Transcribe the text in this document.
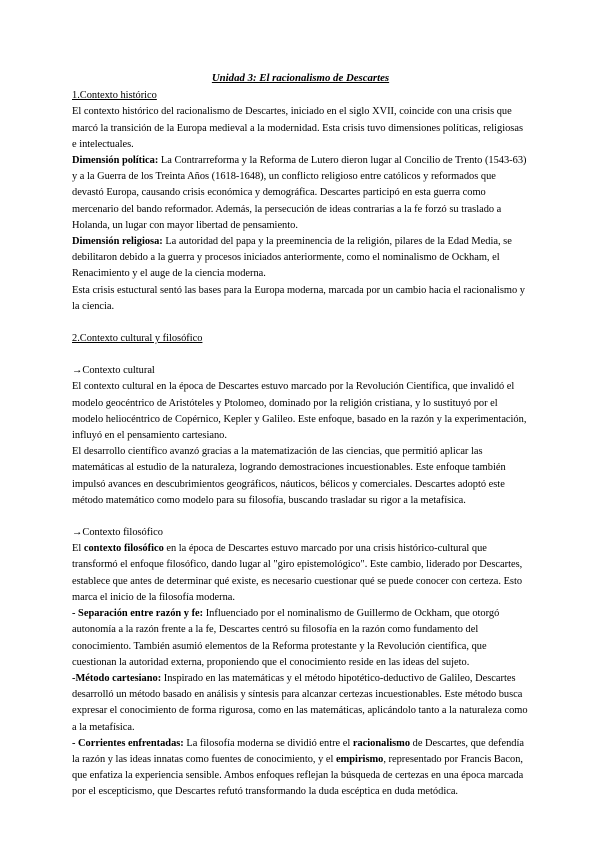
Unidad 3: El racionalismo de Descartes

1.Contexto histórico

El contexto histórico del racionalismo de Descartes, iniciado en el siglo XVII, coincide con una crisis que marcó la transición de la Europa medieval a la modernidad. Esta crisis tuvo dimensiones políticas, religiosas e intelectuales.

Dimensión política: La Contrarreforma y la Reforma de Lutero dieron lugar al Concilio de Trento (1543-63) y a la Guerra de los Treinta Años (1618-1648), un conflicto religioso entre católicos y reformados que devastó Europa, causando crisis económica y demográfica. Descartes participó en esta guerra como mercenario del bando reformador. Además, la persecución de ideas contrarias a la fe forzó su traslado a Holanda, un lugar con mayor libertad de pensamiento.

Dimensión religiosa: La autoridad del papa y la preeminencia de la religión, pilares de la Edad Media, se debilitaron debido a la guerra y procesos iniciados anteriormente, como el nominalismo de Ockham, el Renacimiento y el auge de la ciencia moderna.

Esta crisis estuctural sentó las bases para la Europa moderna, marcada por un cambio hacia el racionalismo y la ciencia.

2.Contexto cultural y filosófico

→Contexto cultural

El contexto cultural en la época de Descartes estuvo marcado por la Revolución Científica, que invalidó el modelo geocéntrico de Aristóteles y Ptolomeo, dominado por la religión cristiana, y lo sustituyó por el modelo heliocéntrico de Copérnico, Kepler y Galileo. Este enfoque, basado en la razón y la experimentación, influyó en el pensamiento cartesiano.

El desarrollo científico avanzó gracias a la matematización de las ciencias, que permitió aplicar las matemáticas al estudio de la naturaleza, logrando demostraciones incuestionables. Este enfoque también impulsó avances en descubrimientos geográficos, náuticos, bélicos y comerciales. Descartes adoptó este método matemático como modelo para su filosofía, buscando trasladar su rigor a la metafísica.

→Contexto filosófico

El contexto filosófico en la época de Descartes estuvo marcado por una crisis histórico-cultural que transformó el enfoque filosófico, dando lugar al "giro epistemológico". Este cambio, liderado por Descartes, establece que antes de determinar qué existe, es necesario cuestionar qué se puede conocer con certeza. Esto marca el inicio de la filosofía moderna.

- Separación entre razón y fe: Influenciado por el nominalismo de Guillermo de Ockham, que otorgó autonomía a la razón frente a la fe, Descartes centró su filosofía en la razón como fundamento del conocimiento. También asumió elementos de la Reforma protestante y la Revolución científica, que cuestionan la autoridad externa, proponiendo que el conocimiento reside en las ideas del sujeto.

-Método cartesiano: Inspirado en las matemáticas y el método hipotético-deductivo de Galileo, Descartes desarrolló un método basado en análisis y síntesis para alcanzar certezas incuestionables. Este método busca expresar el conocimiento de forma rigurosa, como en las matemáticas, aplicándolo tanto a la naturaleza como a la metafísica.

- Corrientes enfrentadas: La filosofía moderna se dividió entre el racionalismo de Descartes, que defendía la razón y las ideas innatas como fuentes de conocimiento, y el empirismo, representado por Francis Bacon, que enfatiza la experiencia sensible. Ambos enfoques reflejan la búsqueda de certezas en una época marcada por el escepticismo, que Descartes refutó transformando la duda escéptica en duda metódica.
